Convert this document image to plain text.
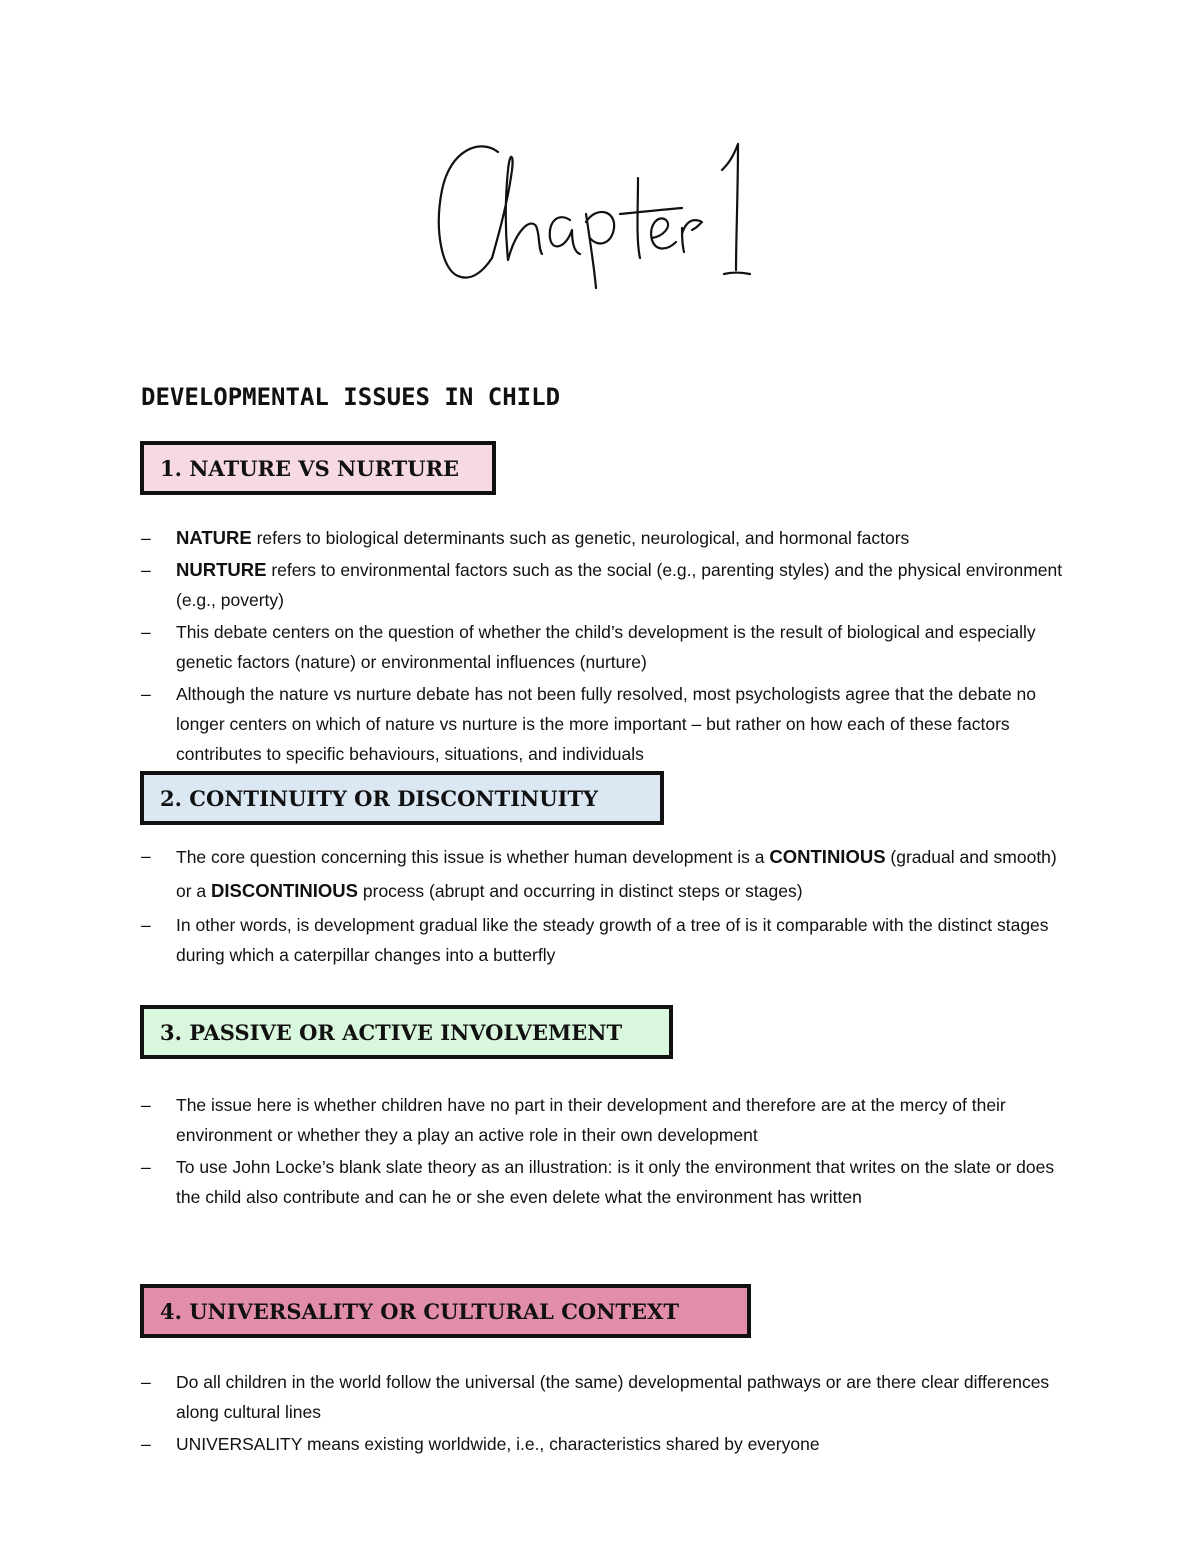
DEVELOPMENTAL ISSUES IN CHILD
1. NATURE VS NURTURE
– NATURE refers to biological determinants such as genetic, neurological, and hormonal factors
– NURTURE refers to environmental factors such as the social (e.g., parenting styles) and the physical environment (e.g., poverty)
– This debate centers on the question of whether the child’s development is the result of biological and especially genetic factors (nature) or environmental influences (nurture)
– Although the nature vs nurture debate has not been fully resolved, most psychologists agree that the debate no longer centers on which of nature vs nurture is the more important – but rather on how each of these factors contributes to specific behaviours, situations, and individuals
2. CONTINUITY OR DISCONTINUITY
– The core question concerning this issue is whether human development is a CONTINIOUS (gradual and smooth) or a DISCONTINIOUS process (abrupt and occurring in distinct steps or stages)
– In other words, is development gradual like the steady growth of a tree of is it comparable with the distinct stages during which a caterpillar changes into a butterfly
3. PASSIVE OR ACTIVE INVOLVEMENT
– The issue here is whether children have no part in their development and therefore are at the mercy of their environment or whether they a play an active role in their own development
– To use John Locke’s blank slate theory as an illustration: is it only the environment that writes on the slate or does the child also contribute and can he or she even delete what the environment has written
4. UNIVERSALITY OR CULTURAL CONTEXT
– Do all children in the world follow the universal (the same) developmental pathways or are there clear differences along cultural lines
– UNIVERSALITY means existing worldwide, i.e., characteristics shared by everyone
